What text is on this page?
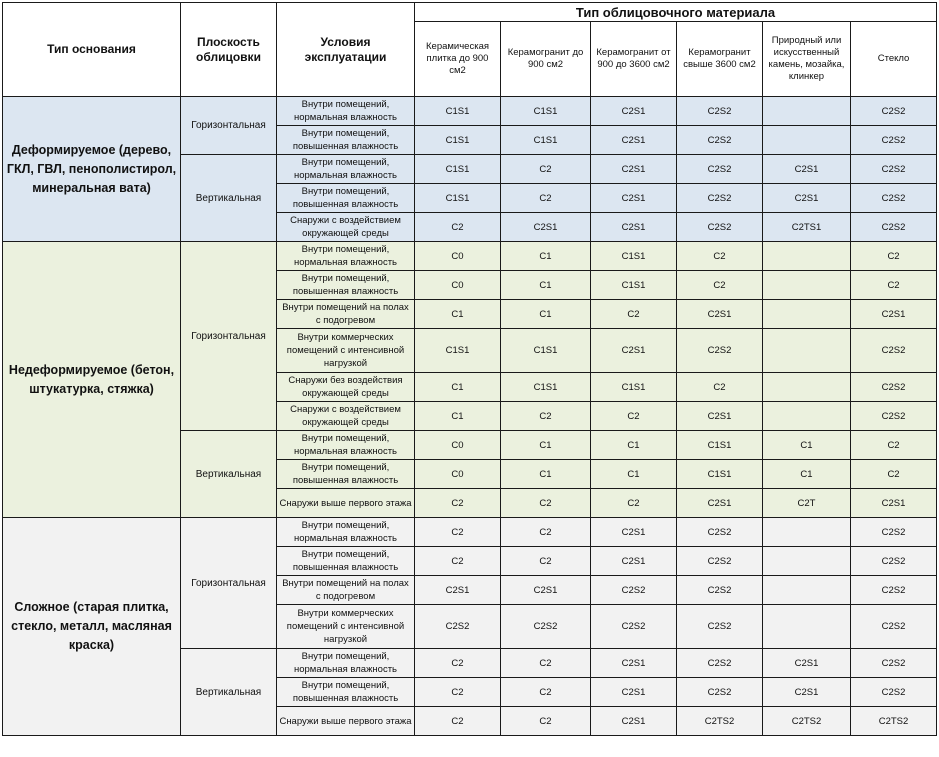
Тип основания	Плоскость облицовки	Условия эксплуатации	Тип облицовочного материала					
			Керамическая плитка до 900 см2	Керамогранит до 900 см2	Керамогранит от 900 до 3600 см2	Керамогранит свыше 3600 см2	Природный или искусственный камень, мозайка, клинкер	Стекло
Деформируемое (дерево, ГКЛ, ГВЛ, пенополистирол, минеральная вата)	Горизонтальная	Внутри помещений, нормальная влажность	C1S1	C1S1	C2S1	C2S2		C2S2
		Внутри помещений, повышенная влажность	C1S1	C1S1	C2S1	C2S2		C2S2
	Вертикальная	Внутри помещений, нормальная влажность	C1S1	C2	C2S1	C2S2	C2S1	C2S2
		Внутри помещений, повышенная влажность	C1S1	C2	C2S1	C2S2	C2S1	C2S2
		Снаружи с воздействием окружающей среды	C2	C2S1	C2S1	C2S2	C2TS1	C2S2
Недеформируемое (бетон, штукатурка, стяжка)	Горизонтальная	Внутри помещений, нормальная влажность	C0	C1	C1S1	C2		C2
		Внутри помещений, повышенная влажность	C0	C1	C1S1	C2		C2
		Внутри помещений на полах с подогревом	C1	C1	C2	C2S1		C2S1
		Внутри коммерческих помещений с интенсивной нагрузкой	C1S1	C1S1	C2S1	C2S2		C2S2
		Снаружи без воздействия окружающей среды	C1	C1S1	C1S1	C2		C2S2
		Снаружи с воздействием окружающей среды	C1	C2	C2	C2S1		C2S2
	Вертикальная	Внутри помещений, нормальная влажность	C0	C1	C1	C1S1	C1	C2
		Внутри помещений, повышенная влажность	C0	C1	C1	C1S1	C1	C2
		Снаружи выше первого этажа	C2	C2	C2	C2S1	C2T	C2S1
Сложное (старая плитка, стекло, металл, масляная краска)	Горизонтальная	Внутри помещений, нормальная влажность	C2	C2	C2S1	C2S2		C2S2
		Внутри помещений, повышенная влажность	C2	C2	C2S1	C2S2		C2S2
		Внутри помещений на полах с подогревом	C2S1	C2S1	C2S2	C2S2		C2S2
		Внутри коммерческих помещений с интенсивной нагрузкой	C2S2	C2S2	C2S2	C2S2		C2S2
	Вертикальная	Внутри помещений, нормальная влажность	C2	C2	C2S1	C2S2	C2S1	C2S2
		Внутри помещений, повышенная влажность	C2	C2	C2S1	C2S2	C2S1	C2S2
		Снаружи выше первого этажа	C2	C2	C2S1	C2TS2	C2TS2	C2TS2
